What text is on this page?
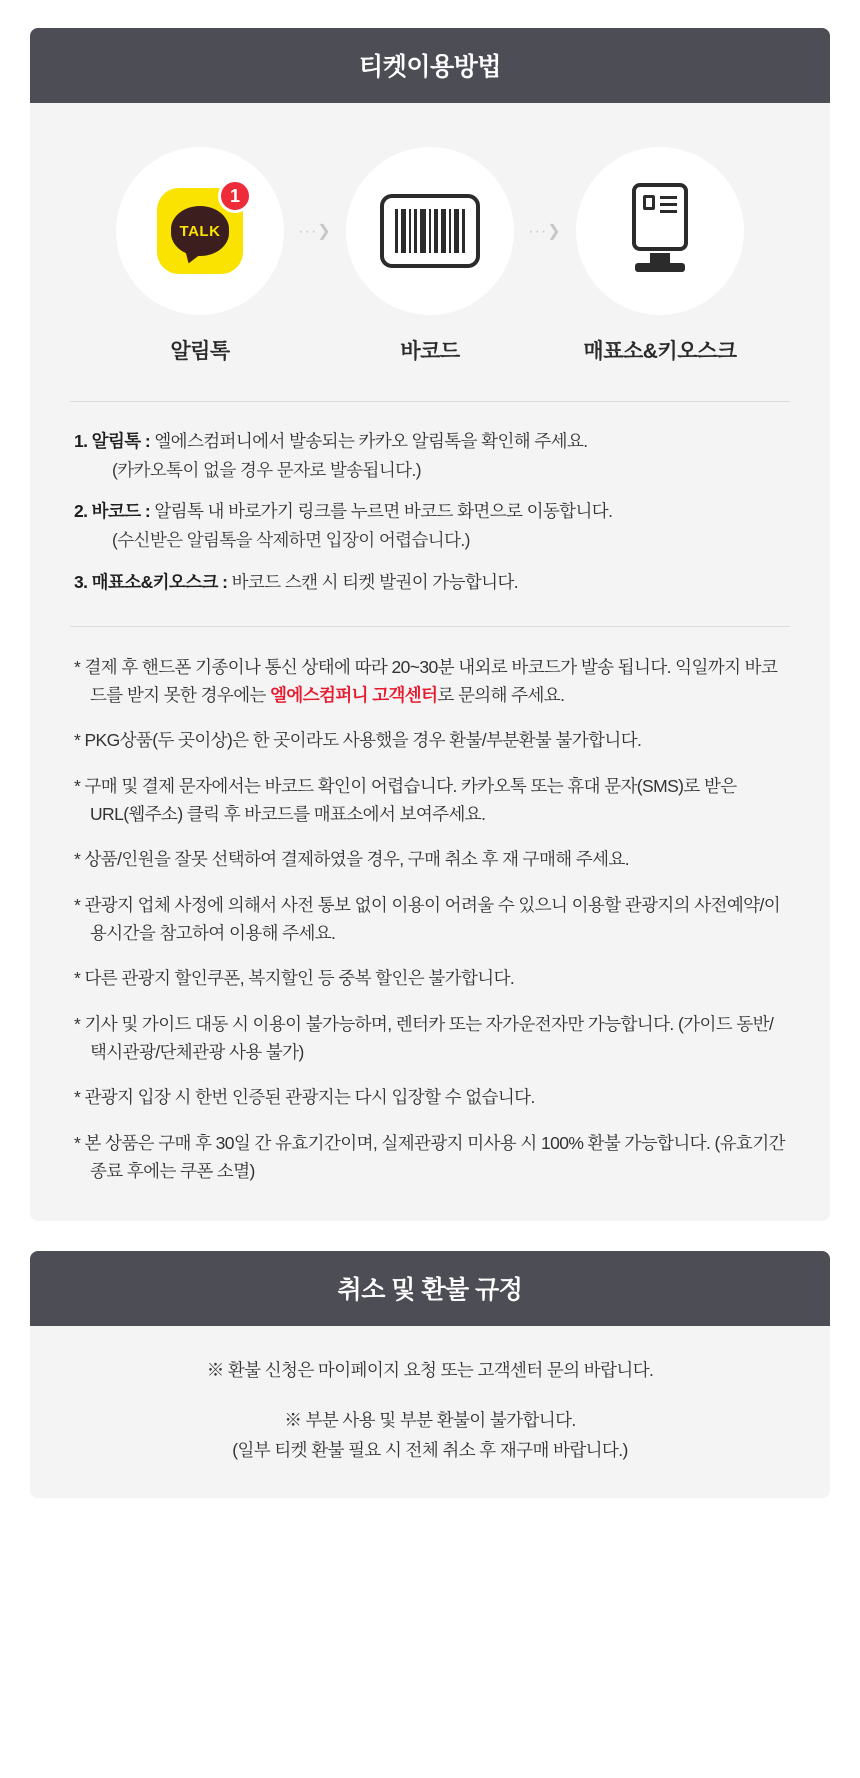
티켓이용방법
TALK
1
알림톡
···❯
바코드
···❯
매표소&키오스크
1. 알림톡 : 엘에스컴퍼니에서 발송되는 카카오 알림톡을 확인해 주세요.
(카카오톡이 없을 경우 문자로 발송됩니다.)
2. 바코드 : 알림톡 내 바로가기 링크를 누르면 바코드 화면으로 이동합니다.
(수신받은 알림톡을 삭제하면 입장이 어렵습니다.)
3. 매표소&키오스크 : 바코드 스캔 시 티켓 발권이 가능합니다.

* 결제 후 핸드폰 기종이나 통신 상태에 따라 20~30분 내외로 바코드가 발송 됩니다. 익일까지 바코드를 받지 못한 경우에는 엘에스컴퍼니 고객센터로 문의해 주세요.

* PKG상품(두 곳이상)은 한 곳이라도 사용했을 경우 환불/부분환불 불가합니다.

* 구매 및 결제 문자에서는 바코드 확인이 어렵습니다. 카카오톡 또는 휴대 문자(SMS)로 받은 URL(웹주소) 클릭 후 바코드를 매표소에서 보여주세요.

* 상품/인원을 잘못 선택하여 결제하였을 경우, 구매 취소 후 재 구매해 주세요.

* 관광지 업체 사정에 의해서 사전 통보 없이 이용이 어려울 수 있으니 이용할 관광지의 사전예약/이용시간을 참고하여 이용해 주세요.

* 다른 관광지 할인쿠폰, 복지할인 등 중복 할인은 불가합니다.

* 기사 및 가이드 대동 시 이용이 불가능하며, 렌터카 또는 자가운전자만 가능합니다. (가이드 동반/택시관광/단체관광 사용 불가)

* 관광지 입장 시 한번 인증된 관광지는 다시 입장할 수 없습니다.

* 본 상품은 구매 후 30일 간 유효기간이며, 실제관광지 미사용 시 100% 환불 가능합니다. (유효기간 종료 후에는 쿠폰 소멸)

취소 및 환불 규정

※ 환불 신청은 마이페이지 요청 또는 고객센터 문의 바랍니다.

※ 부분 사용 및 부분 환불이 불가합니다.

(일부 티켓 환불 필요 시 전체 취소 후 재구매 바랍니다.)
